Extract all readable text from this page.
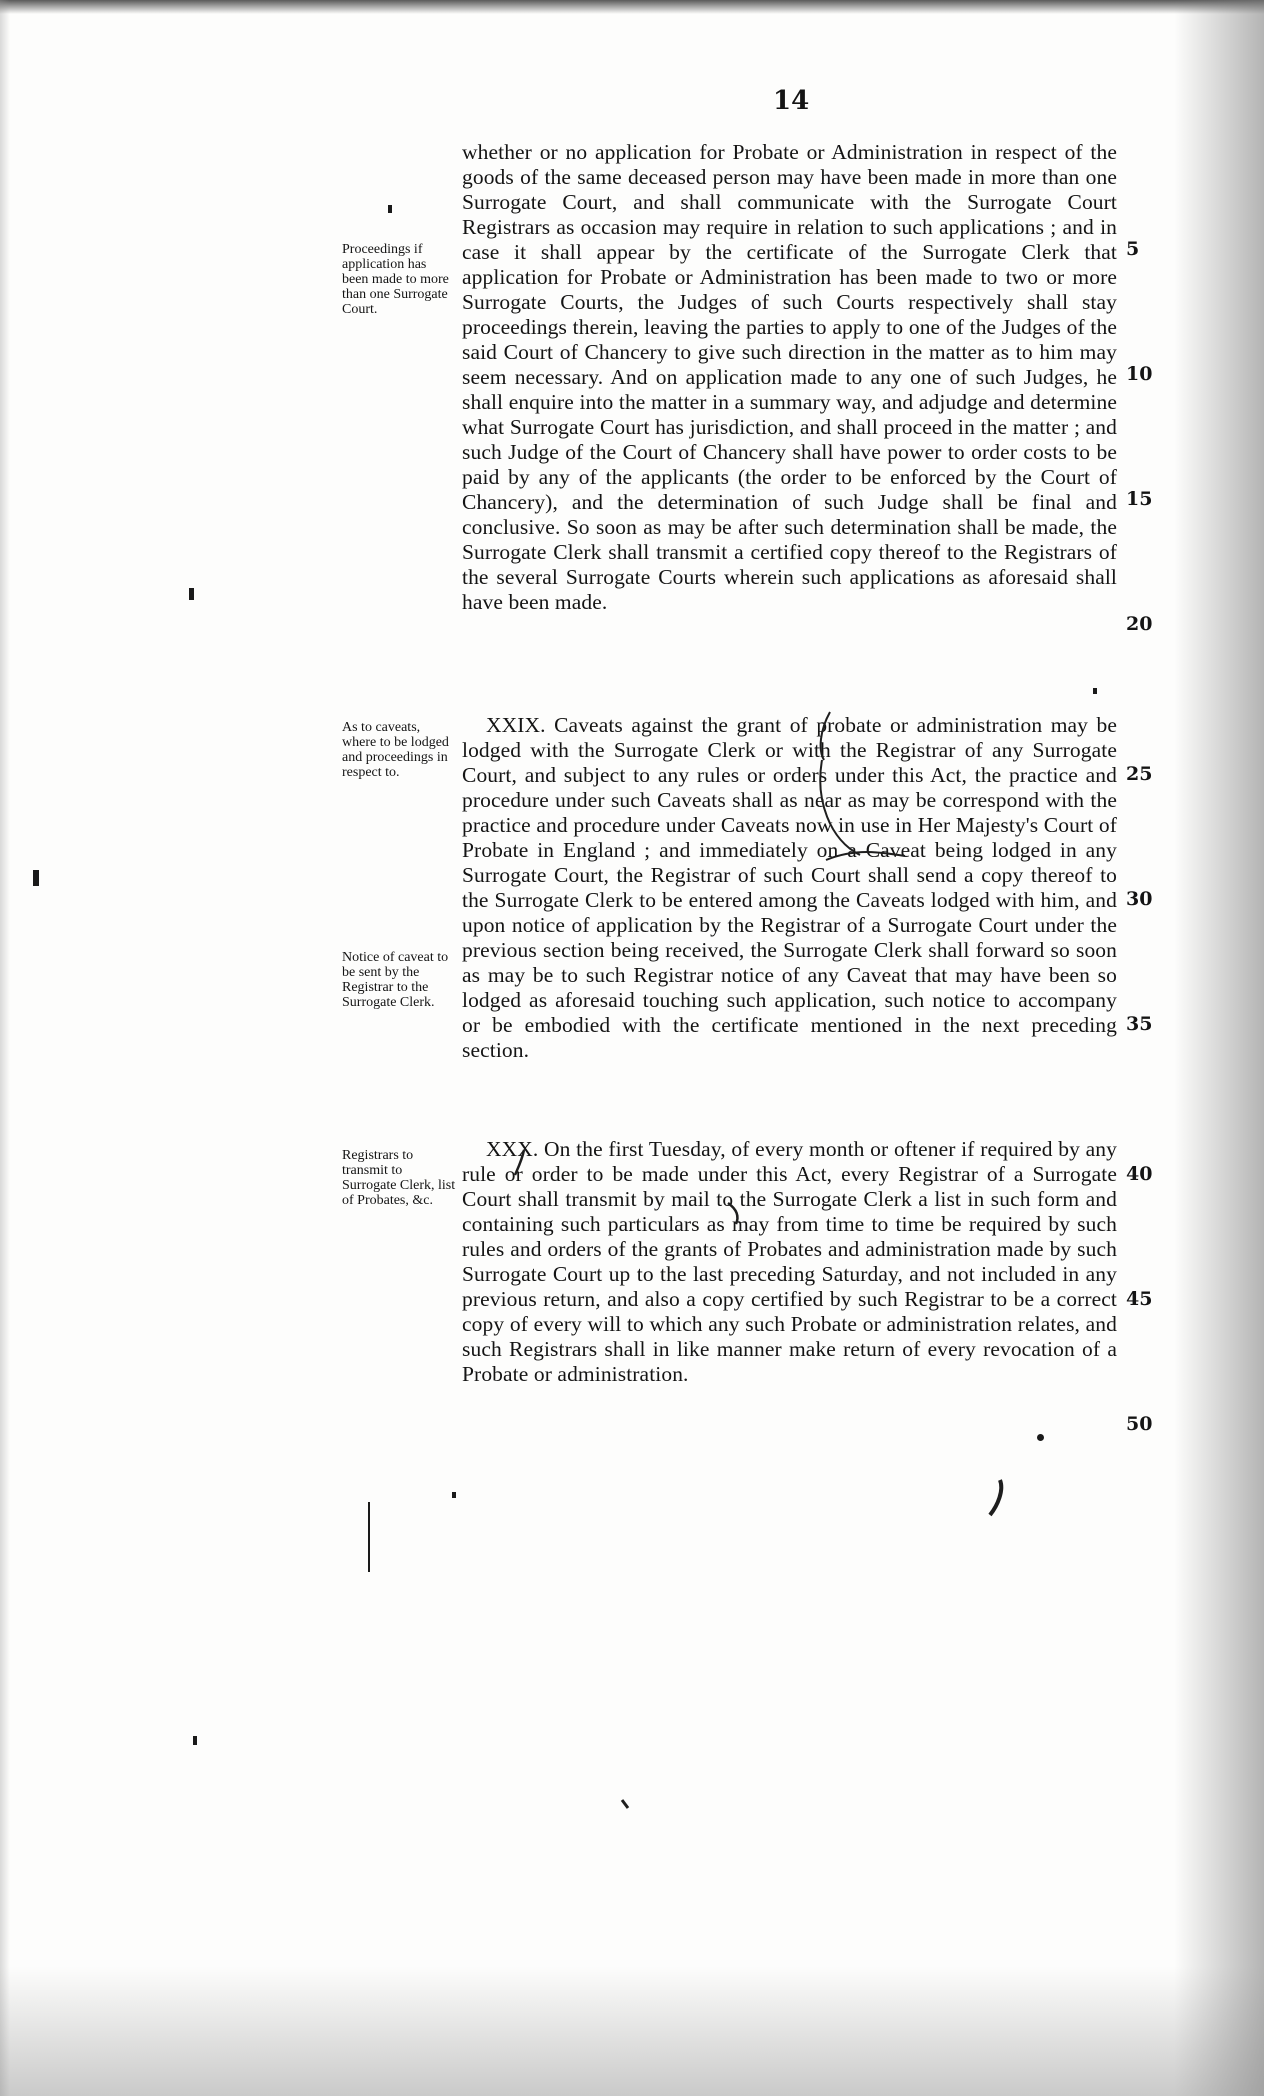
14
whether or no application for Probate or Administration in respect of the goods of the same deceased person may have been made in more than one Surrogate Court, and shall communicate with the Surrogate Court Registrars as occasion may require in relation to such applications ; and in case it shall appear by the certificate of the Surrogate Clerk that application for Probate or Administration has been made to two or more Surrogate Courts, the Judges of such Courts respectively shall stay proceedings therein, leaving the parties to apply to one of the Judges of the said Court of Chancery to give such direction in the matter as to him may seem necessary. And on application made to any one of such Judges, he shall enquire into the matter in a summary way, and adjudge and determine what Surrogate Court has jurisdiction, and shall proceed in the matter ; and such Judge of the Court of Chancery shall have power to order costs to be paid by any of the applicants (the order to be enforced by the Court of Chancery), and the determination of such Judge shall be final and conclusive. So soon as may be after such determination shall be made, the Surrogate Clerk shall transmit a certified copy thereof to the Registrars of the several Surrogate Courts wherein such applications as aforesaid shall have been made.
XXIX. Caveats against the grant of probate or administration may be lodged with the Surrogate Clerk or with the Registrar of any Surrogate Court, and subject to any rules or orders under this Act, the practice and procedure under such Caveats shall as near as may be correspond with the practice and procedure under Caveats now in use in Her Majesty's Court of Probate in England ; and immediately on a Caveat being lodged in any Surrogate Court, the Registrar of such Court shall send a copy thereof to the Surrogate Clerk to be entered among the Caveats lodged with him, and upon notice of application by the Registrar of a Surrogate Court under the previous section being received, the Surrogate Clerk shall forward so soon as may be to such Registrar notice of any Caveat that may have been so lodged as aforesaid touching such application, such notice to accompany or be embodied with the certificate mentioned in the next preceding section.
XXX. On the first Tuesday, of every month or oftener if required by any rule or order to be made under this Act, every Registrar of a Surrogate Court shall transmit by mail to the Surrogate Clerk a list in such form and containing such particulars as may from time to time be required by such rules and orders of the grants of Probates and administration made by such Surrogate Court up to the last preceding Saturday, and not included in any previous return, and also a copy certified by such Registrar to be a correct copy of every will to which any such Probate or administration relates, and such Registrars shall in like manner make return of every revocation of a Probate or administration.
Proceedings if application has been made to more than one Surrogate Court.
As to caveats, where to be lodged and proceedings in respect to.
Notice of caveat to be sent by the Registrar to the Surrogate Clerk.
Registrars to transmit to Surrogate Clerk, list of Probates, &c.
5
10
15
20
25
30
35
40
45
50
